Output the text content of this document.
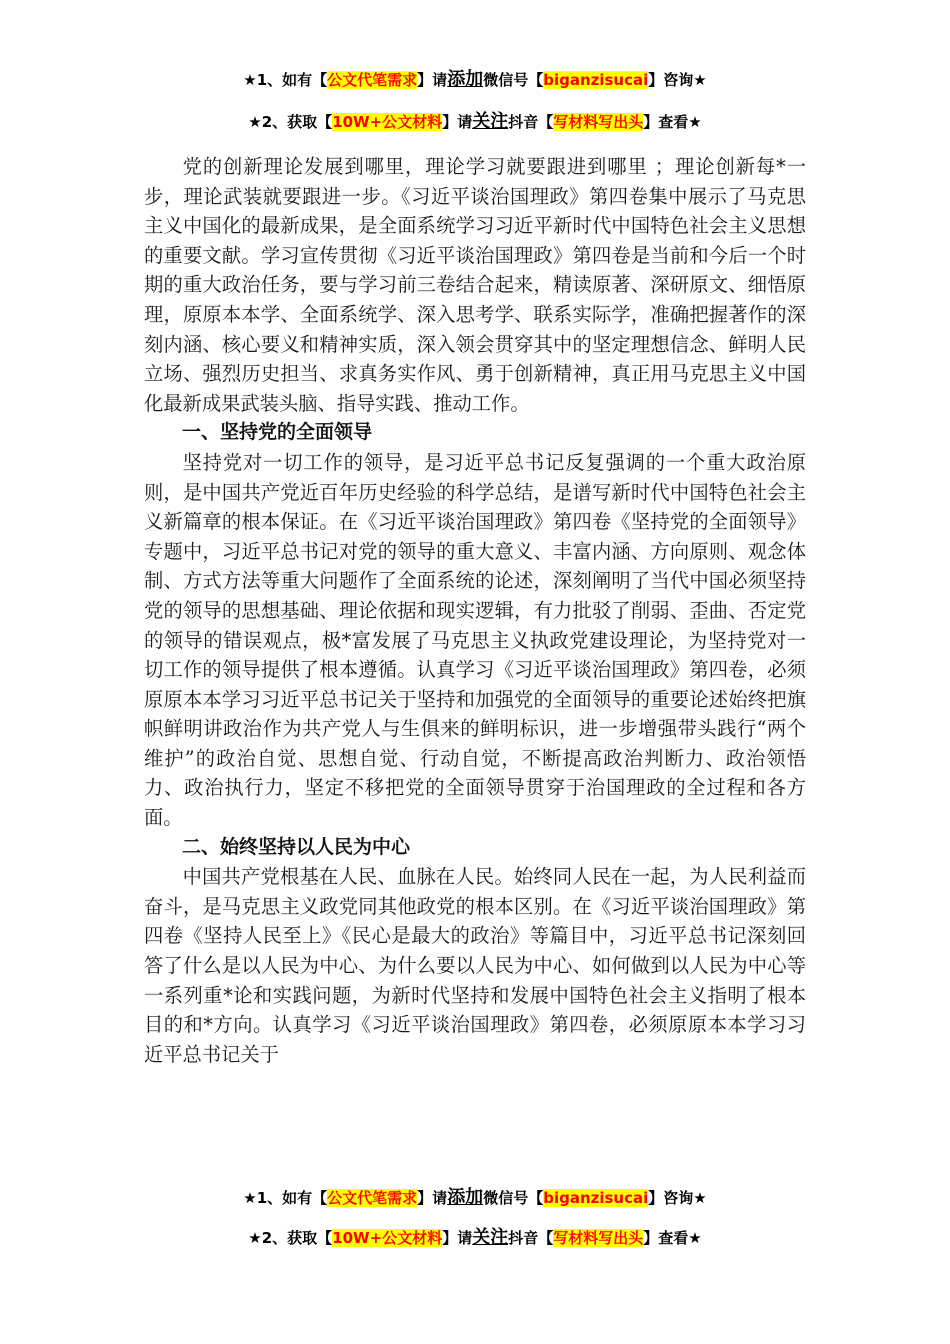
★1、如有【公文代笔需求】请添加微信号【biganzisucai】咨询★
★2、获取【10W+公文材料】请关注抖音【写材料写出头】查看★

党的创新理论发展到哪里，理论学习就要跟进到哪里 ；理论创新每*一步，理论武装就要跟进一步。《习近平谈治国理政》第四卷集中展示了马克思主义中国化的最新成果，是全面系统学习习近平新时代中国特色社会主义思想的重要文献。学习宣传贯彻《习近平谈治国理政》第四卷是当前和今后一个时期的重大政治任务，要与学习前三卷结合起来，精读原著、深研原文、细悟原理，原原本本学、全面系统学、深入思考学、联系实际学，准确把握著作的深刻内涵、核心要义和精神实质，深入领会贯穿其中的坚定理想信念、鲜明人民立场、强烈历史担当、求真务实作风、勇于创新精神，真正用马克思主义中国化最新成果武装头脑、指导实践、推动工作。

一、坚持党的全面领导

坚持党对一切工作的领导，是习近平总书记反复强调的一个重大政治原则，是中国共产党近百年历史经验的科学总结，是谱写新时代中国特色社会主义新篇章的根本保证。在《习近平谈治国理政》第四卷《坚持党的全面领导》专题中，习近平总书记对党的领导的重大意义、丰富内涵、方向原则、观念体制、方式方法等重大问题作了全面系统的论述，深刻阐明了当代中国必须坚持党的领导的思想基础、理论依据和现实逻辑，有力批驳了削弱、歪曲、否定党的领导的错误观点，极*富发展了马克思主义执政党建设理论，为坚持党对一切工作的领导提供了根本遵循。认真学习《习近平谈治国理政》第四卷，必须原原本本学习习近平总书记关于坚持和加强党的全面领导的重要论述始终把旗帜鲜明讲政治作为共产党人与生俱来的鲜明标识，进一步增强带头践行“两个维护”的政治自觉、思想自觉、行动自觉，不断提高政治判断力、政治领悟力、政治执行力，坚定不移把党的全面领导贯穿于治国理政的全过程和各方面。

二、始终坚持以人民为中心

中国共产党根基在人民、血脉在人民。始终同人民在一起，为人民利益而奋斗，是马克思主义政党同其他政党的根本区别。在《习近平谈治国理政》第四卷《坚持人民至上》《民心是最大的政治》等篇目中，习近平总书记深刻回答了什么是以人民为中心、为什么要以人民为中心、如何做到以人民为中心等一系列重*论和实践问题，为新时代坚持和发展中国特色社会主义指明了根本目的和*方向。认真学习《习近平谈治国理政》第四卷，必须原原本本学习习近平总书记关于

★1、如有【公文代笔需求】请添加微信号【biganzisucai】咨询★
★2、获取【10W+公文材料】请关注抖音【写材料写出头】查看★
